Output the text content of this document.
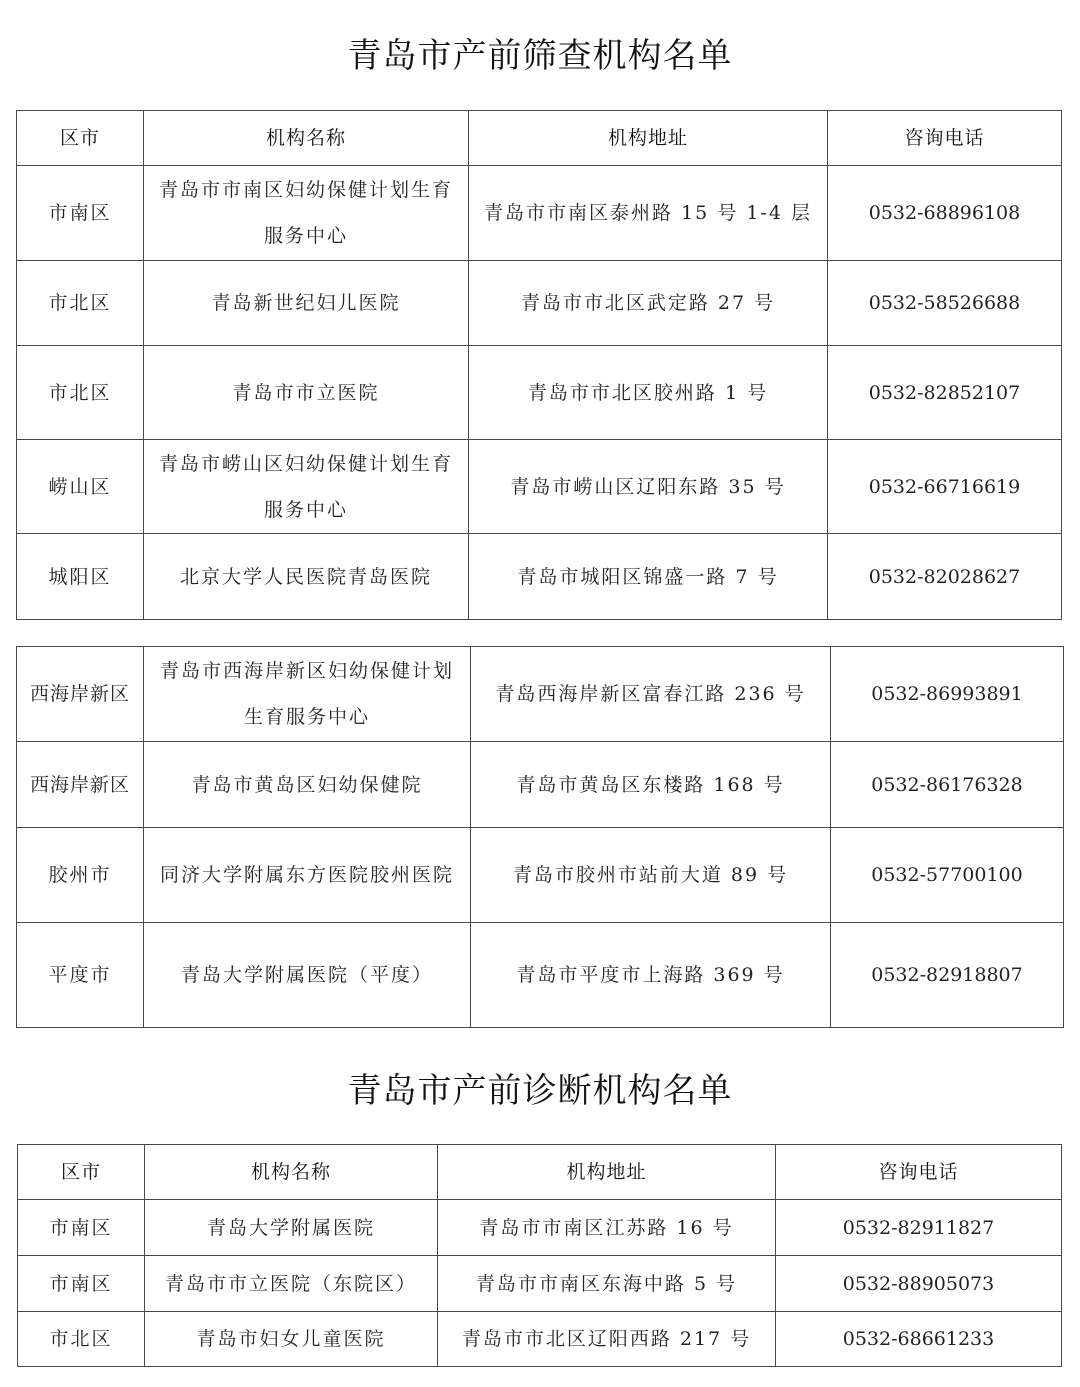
青岛市产前筛查机构名单
区市	机构名称	机构地址	咨询电话
市南区	青岛市市南区妇幼保健计划生育服务中心	青岛市市南区泰州路 15 号 1-4 层	0532-68896108
市北区	青岛新世纪妇儿医院	青岛市市北区武定路 27 号	0532-58526688
市北区	青岛市市立医院	青岛市市北区胶州路 1 号	0532-82852107
崂山区	青岛市崂山区妇幼保健计划生育服务中心	青岛市崂山区辽阳东路 35 号	0532-66716619
城阳区	北京大学人民医院青岛医院	青岛市城阳区锦盛一路 7 号	0532-82028627
西海岸新区	青岛市西海岸新区妇幼保健计划生育服务中心	青岛西海岸新区富春江路 236 号	0532-86993891
西海岸新区	青岛市黄岛区妇幼保健院	青岛市黄岛区东楼路 168 号	0532-86176328
胶州市	同济大学附属东方医院胶州医院	青岛市胶州市站前大道 89 号	0532-57700100
平度市	青岛大学附属医院（平度）	青岛市平度市上海路 369 号	0532-82918807
青岛市产前诊断机构名单
区市	机构名称	机构地址	咨询电话
市南区	青岛大学附属医院	青岛市市南区江苏路 16 号	0532-82911827
市南区	青岛市市立医院（东院区）	青岛市市南区东海中路 5 号	0532-88905073
市北区	青岛市妇女儿童医院	青岛市市北区辽阳西路 217 号	0532-68661233
